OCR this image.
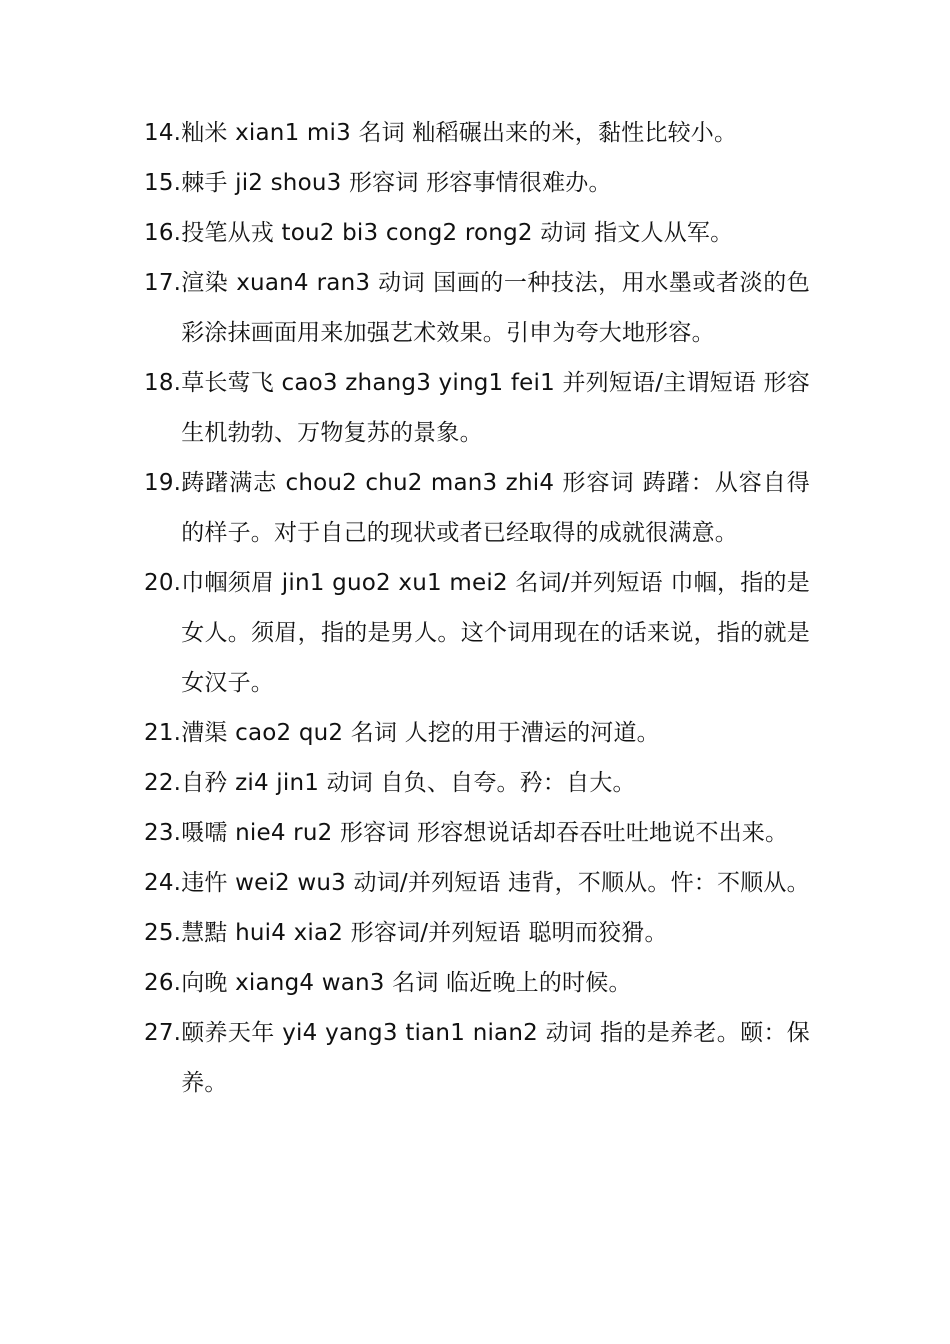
14. 籼米 xian1 mi3 名词 籼稻碾出来的米，黏性比较小。
15. 棘手 ji2 shou3 形容词 形容事情很难办。
16. 投笔从戎 tou2 bi3 cong2 rong2 动词 指文人从军。
17. 渲染 xuan4 ran3 动词 国画的一种技法，用水墨或者淡的色彩涂抹画面用来加强艺术效果。引申为夸大地形容。
18. 草长莺飞 cao3 zhang3 ying1 fei1 并列短语/主谓短语 形容生机勃勃、万物复苏的景象。
19. 踌躇满志 chou2 chu2 man3 zhi4 形容词 踌躇：从容自得的样子。对于自己的现状或者已经取得的成就很满意。
20. 巾帼须眉 jin1 guo2 xu1 mei2 名词/并列短语 巾帼，指的是女人。须眉，指的是男人。这个词用现在的话来说，指的就是女汉子。
21. 漕渠 cao2 qu2 名词 人挖的用于漕运的河道。
22. 自矜 zi4 jin1 动词 自负、自夸。矜：自大。
23. 嗫嚅 nie4 ru2 形容词 形容想说话却吞吞吐吐地说不出来。
24. 违忤 wei2 wu3 动词/并列短语 违背，不顺从。忤：不顺从。
25. 慧黠 hui4 xia2 形容词/并列短语 聪明而狡猾。
26. 向晚 xiang4 wan3 名词 临近晚上的时候。
27. 颐养天年 yi4 yang3 tian1 nian2 动词 指的是养老。颐：保养。
